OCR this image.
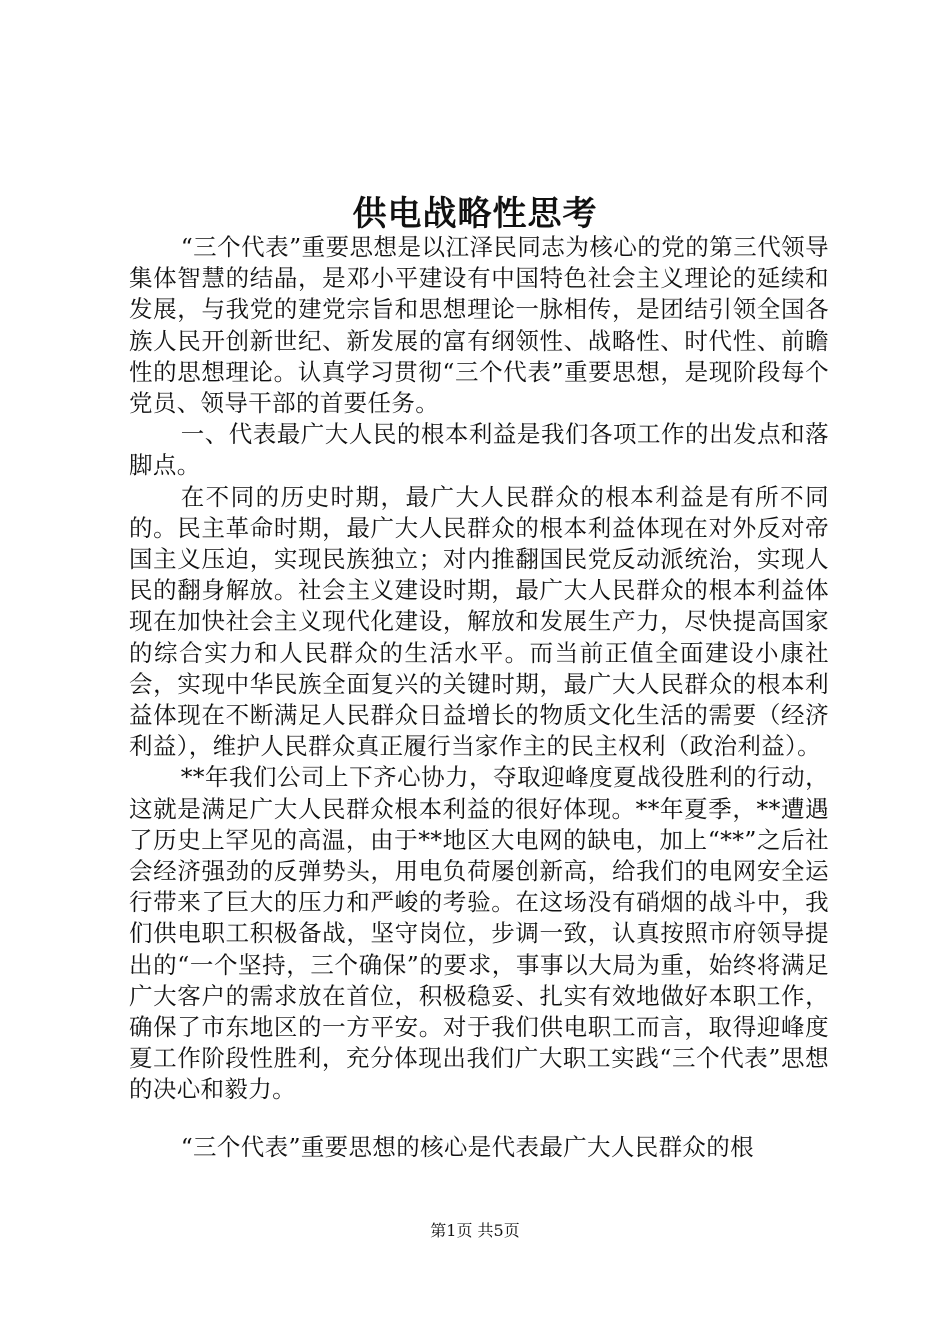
供电战略性思考

“三个代表”重要思想是以江泽民同志为核心的党的第三代领导集体智慧的结晶，是邓小平建设有中国特色社会主义理论的延续和发展，与我党的建党宗旨和思想理论一脉相传，是团结引领全国各族人民开创新世纪、新发展的富有纲领性、战略性、时代性、前瞻性的思想理论。认真学习贯彻“三个代表”重要思想，是现阶段每个党员、领导干部的首要任务。

一、代表最广大人民的根本利益是我们各项工作的出发点和落脚点。

在不同的历史时期，最广大人民群众的根本利益是有所不同的。民主革命时期，最广大人民群众的根本利益体现在对外反对帝国主义压迫，实现民族独立；对内推翻国民党反动派统治，实现人民的翻身解放。社会主义建设时期，最广大人民群众的根本利益体现在加快社会主义现代化建设，解放和发展生产力，尽快提高国家的综合实力和人民群众的生活水平。而当前正值全面建设小康社会，实现中华民族全面复兴的关键时期，最广大人民群众的根本利益体现在不断满足人民群众日益增长的物质文化生活的需要（经济利益），维护人民群众真正履行当家作主的民主权利（政治利益）。

**年我们公司上下齐心协力，夺取迎峰度夏战役胜利的行动，这就是满足广大人民群众根本利益的很好体现。**年夏季，**遭遇了历史上罕见的高温，由于**地区大电网的缺电，加上“**”之后社会经济强劲的反弹势头，用电负荷屡创新高，给我们的电网安全运行带来了巨大的压力和严峻的考验。在这场没有硝烟的战斗中，我们供电职工积极备战，坚守岗位，步调一致，认真按照市府领导提出的“一个坚持，三个确保”的要求，事事以大局为重，始终将满足广大客户的需求放在首位，积极稳妥、扎实有效地做好本职工作，确保了市东地区的一方平安。对于我们供电职工而言，取得迎峰度夏工作阶段性胜利，充分体现出我们广大职工实践“三个代表”思想的决心和毅力。

“三个代表”重要思想的核心是代表最广大人民群众的根

第1页 共5页
